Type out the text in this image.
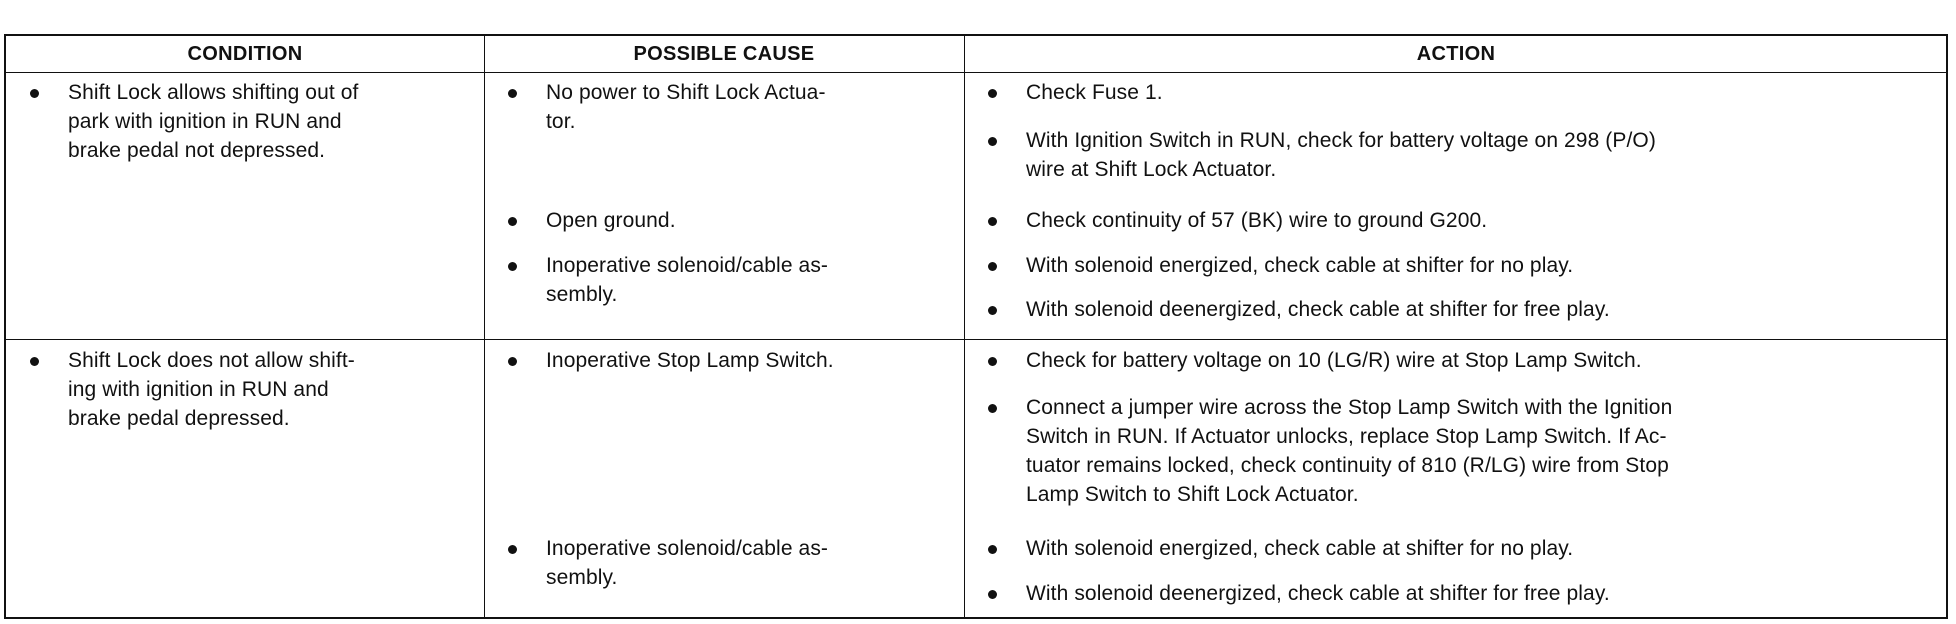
CONDITION	POSSIBLE CAUSE	ACTION
Shift Lock allows shifting out of
park with ignition in RUN and
brake pedal not depressed.
No power to Shift Lock Actua-
tor.
Open ground.
Inoperative solenoid/cable as-
sembly.
Check Fuse 1.
With Ignition Switch in RUN, check for battery voltage on 298 (P/O)
wire at Shift Lock Actuator.
Check continuity of 57 (BK) wire to ground G200.
With solenoid energized, check cable at shifter for no play.
With solenoid deenergized, check cable at shifter for free play.
Shift Lock does not allow shift-
ing with ignition in RUN and
brake pedal depressed.
Inoperative Stop Lamp Switch.
Inoperative solenoid/cable as-
sembly.
Check for battery voltage on 10 (LG/R) wire at Stop Lamp Switch.
Connect a jumper wire across the Stop Lamp Switch with the Ignition
Switch in RUN. If Actuator unlocks, replace Stop Lamp Switch. If Ac-
tuator remains locked, check continuity of 810 (R/LG) wire from Stop
Lamp Switch to Shift Lock Actuator.
With solenoid energized, check cable at shifter for no play.
With solenoid deenergized, check cable at shifter for free play.
